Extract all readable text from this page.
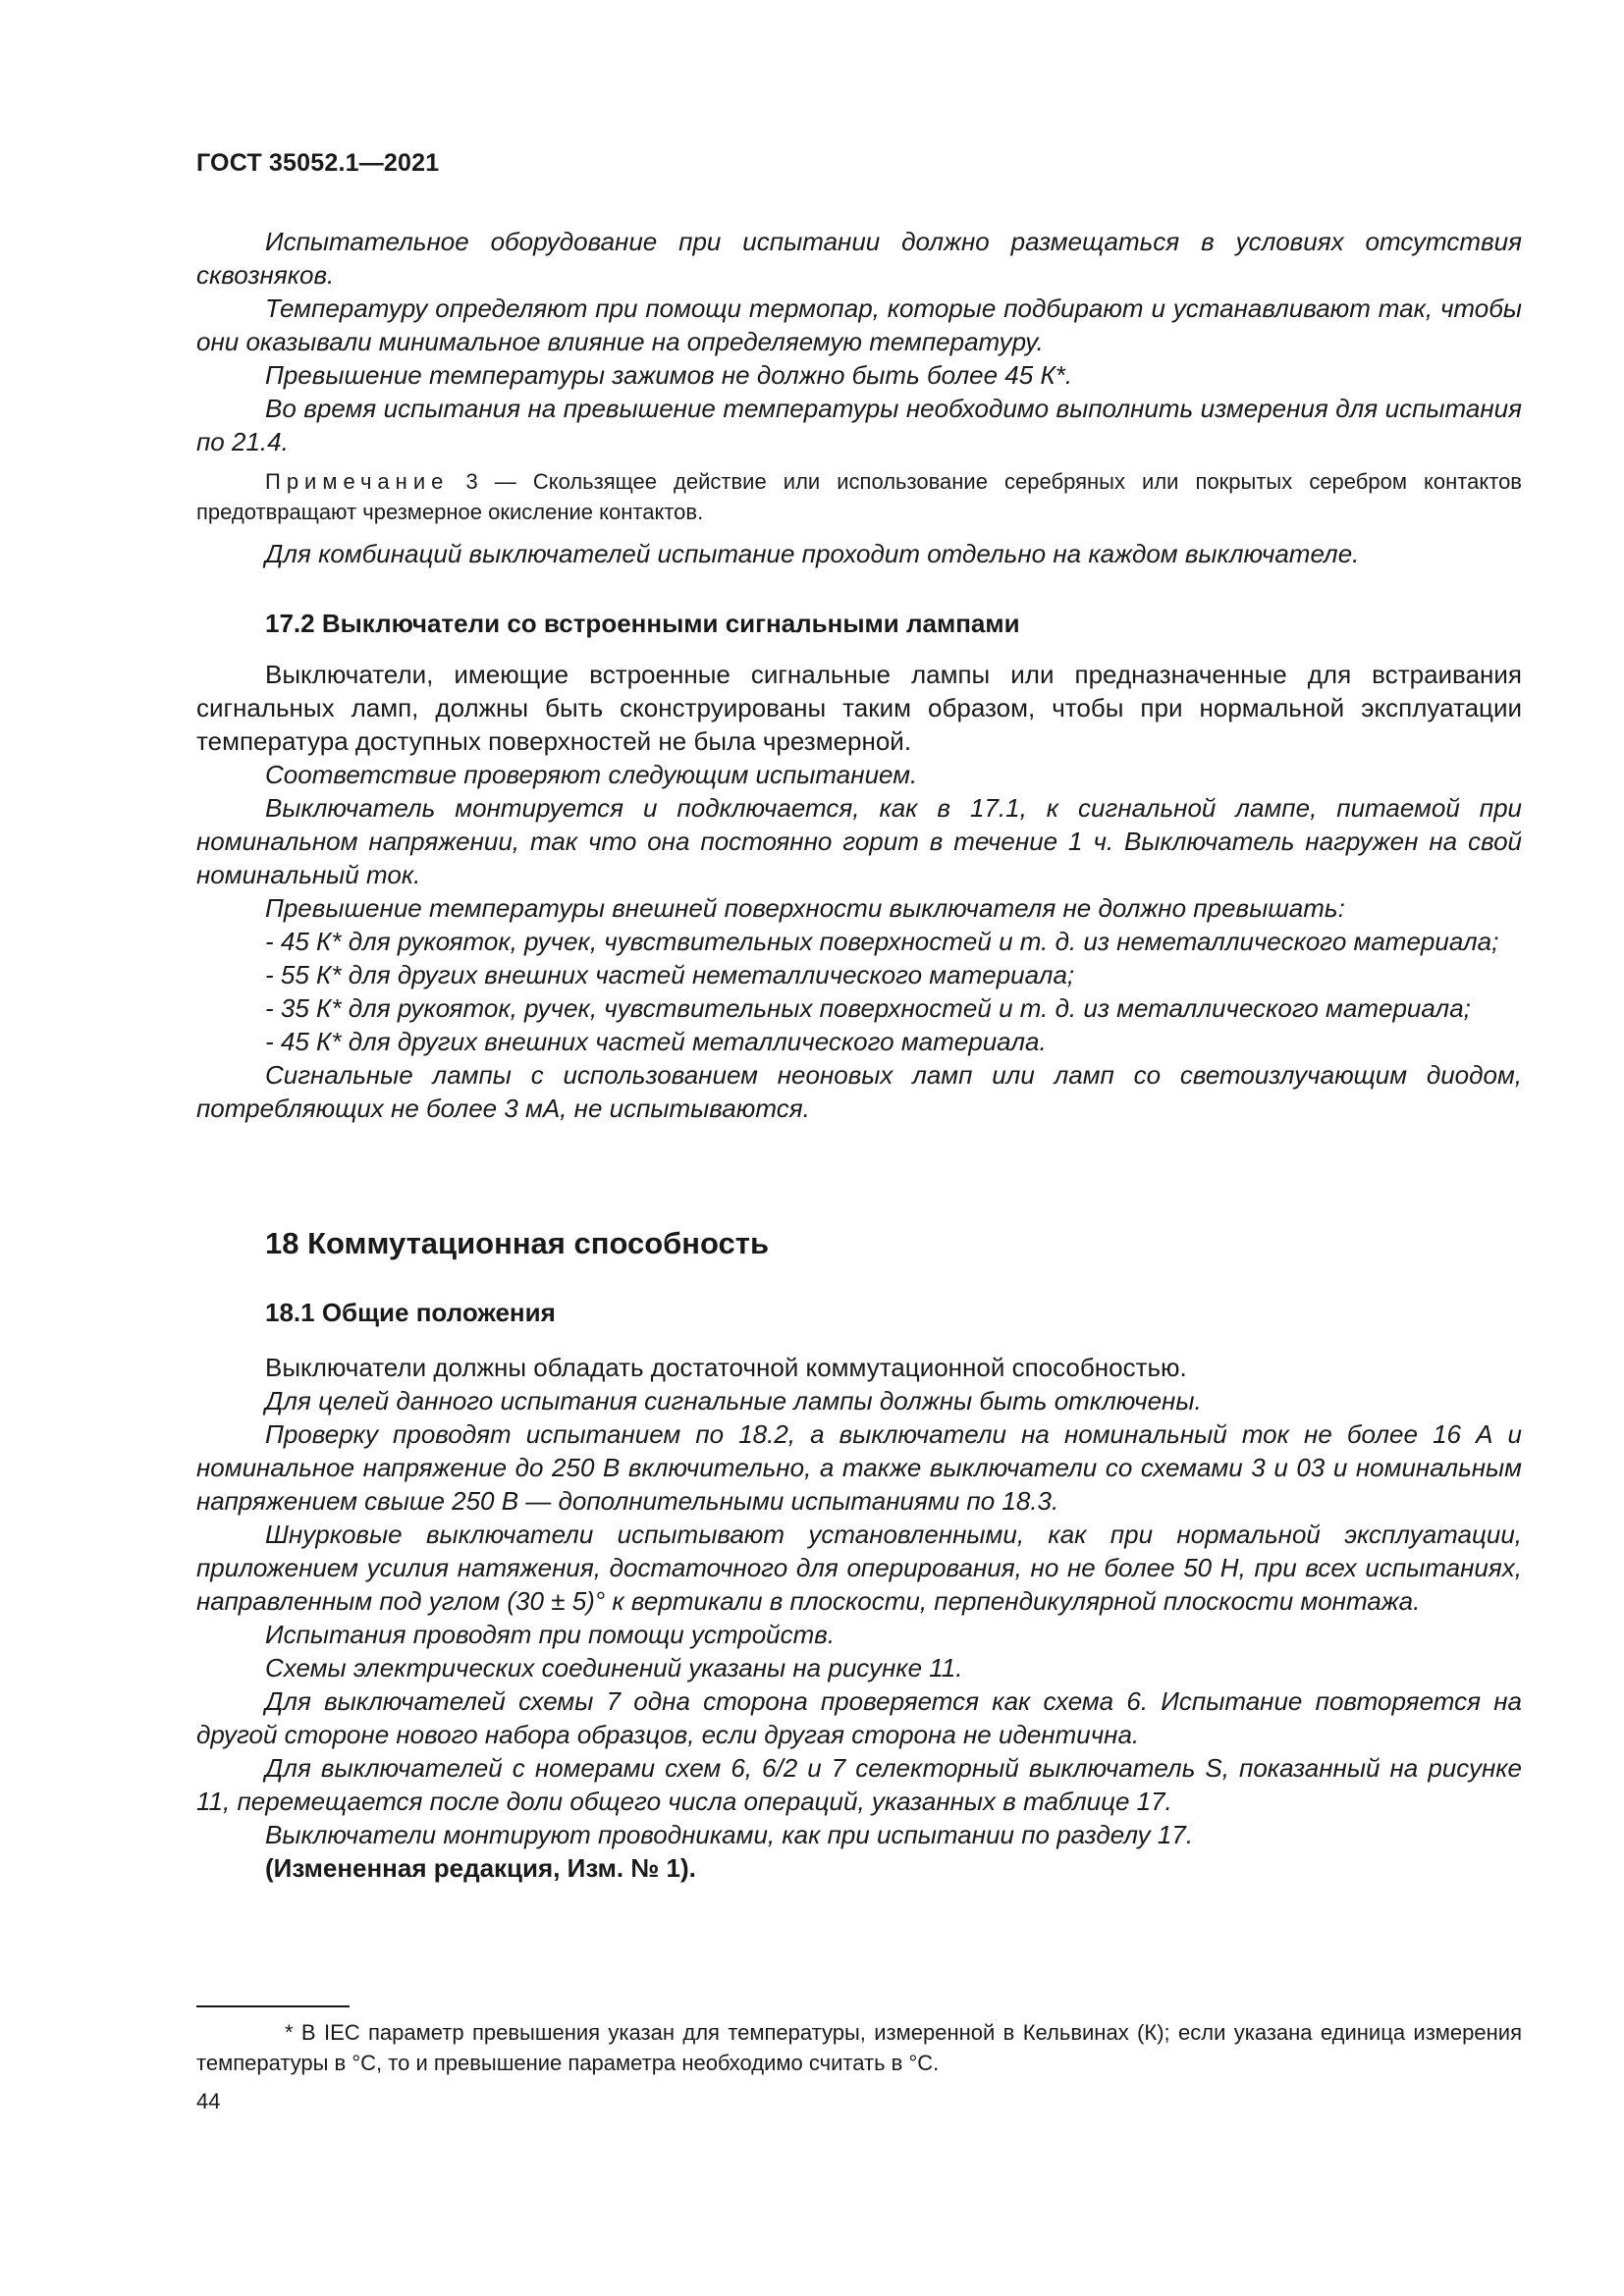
ГОСТ 35052.1—2021

Испытательное оборудование при испытании должно размещаться в условиях отсутствия сквозняков.

Температуру определяют при помощи термопар, которые подбирают и устанавливают так, чтобы они оказывали минимальное влияние на определяемую температуру.

Превышение температуры зажимов не должно быть более 45 К*.

Во время испытания на превышение температуры необходимо выполнить измерения для испытания по 21.4.

Примечание 3 — Скользящее действие или использование серебряных или покрытых серебром контактов предотвращают чрезмерное окисление контактов.

Для комбинаций выключателей испытание проходит отдельно на каждом выключателе.

17.2 Выключатели со встроенными сигнальными лампами

Выключатели, имеющие встроенные сигнальные лампы или предназначенные для встраивания сигнальных ламп, должны быть сконструированы таким образом, чтобы при нормальной эксплуатации температура доступных поверхностей не была чрезмерной.

Соответствие проверяют следующим испытанием.

Выключатель монтируется и подключается, как в 17.1, к сигнальной лампе, питаемой при номинальном напряжении, так что она постоянно горит в течение 1 ч. Выключатель нагружен на свой номинальный ток.

Превышение температуры внешней поверхности выключателя не должно превышать:

- 45 К* для рукояток, ручек, чувствительных поверхностей и т. д. из неметаллического материала;

- 55 К* для других внешних частей неметаллического материала;

- 35 К* для рукояток, ручек, чувствительных поверхностей и т. д. из металлического материала;

- 45 К* для других внешних частей металлического материала.

Сигнальные лампы с использованием неоновых ламп или ламп со светоизлучающим диодом, потребляющих не более 3 мА, не испытываются.

18 Коммутационная способность

18.1 Общие положения

Выключатели должны обладать достаточной коммутационной способностью.

Для целей данного испытания сигнальные лампы должны быть отключены.

Проверку проводят испытанием по 18.2, а выключатели на номинальный ток не более 16 А и номинальное напряжение до 250 В включительно, а также выключатели со схемами 3 и 03 и номинальным напряжением свыше 250 В — дополнительными испытаниями по 18.3.

Шнурковые выключатели испытывают установленными, как при нормальной эксплуатации, приложением усилия натяжения, достаточного для оперирования, но не более 50 Н, при всех испытаниях, направленным под углом (30 ± 5)° к вертикали в плоскости, перпендикулярной плоскости монтажа.

Испытания проводят при помощи устройств.

Схемы электрических соединений указаны на рисунке 11.

Для выключателей схемы 7 одна сторона проверяется как схема 6. Испытание повторяется на другой стороне нового набора образцов, если другая сторона не идентична.

Для выключателей с номерами схем 6, 6/2 и 7 селекторный выключатель S, показанный на рисунке 11, перемещается после доли общего числа операций, указанных в таблице 17.

Выключатели монтируют проводниками, как при испытании по разделу 17.

(Измененная редакция, Изм. № 1).

* В IEC параметр превышения указан для температуры, измеренной в Кельвинах (К); если указана единица измерения температуры в °С, то и превышение параметра необходимо считать в °С.
44
